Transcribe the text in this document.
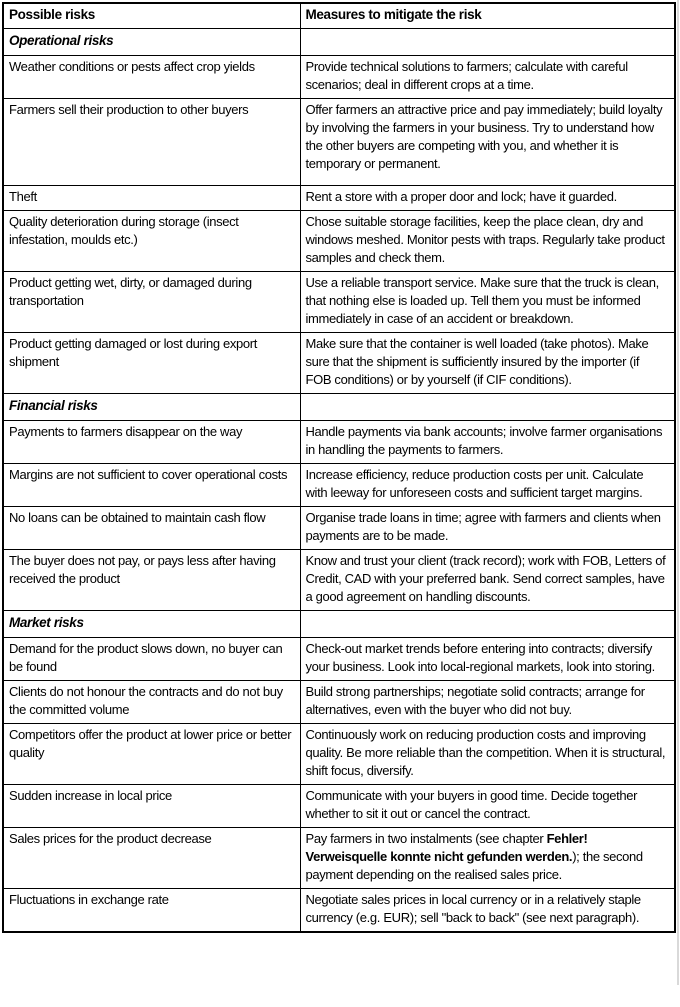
Possible risks	Measures to mitigate the risk
Operational risks	
Weather conditions or pests affect crop yields	Provide technical solutions to farmers; calculate with careful scenarios; deal in different crops at a time.
Farmers sell their production to other buyers	Offer farmers an attractive price and pay immediately; build loyalty by involving the farmers in your business. Try to understand how the other buyers are competing with you, and whether it is temporary or permanent.
Theft	Rent a store with a proper door and lock; have it guarded.
Quality deterioration during storage (insect infestation, moulds etc.)	Chose suitable storage facilities, keep the place clean, dry and windows meshed. Monitor pests with traps. Regularly take product samples and check them.
Product getting wet, dirty, or damaged during transportation	Use a reliable transport service. Make sure that the truck is clean, that nothing else is loaded up. Tell them you must be informed immediately in case of an accident or breakdown.
Product getting damaged or lost during export shipment	Make sure that the container is well loaded (take photos). Make sure that the shipment is sufficiently insured by the importer (if FOB conditions) or by yourself (if CIF conditions).
Financial risks	
Payments to farmers disappear on the way	Handle payments via bank accounts; involve farmer organisations in handling the payments to farmers.
Margins are not sufficient to cover operational costs	Increase efficiency, reduce production costs per unit. Calculate with leeway for unforeseen costs and sufficient target margins.
No loans can be obtained to maintain cash flow	Organise trade loans in time; agree with farmers and clients when payments are to be made.
The buyer does not pay, or pays less after having received the product	Know and trust your client (track record); work with FOB, Letters of Credit, CAD with your preferred bank. Send correct samples, have a good agreement on handling discounts.
Market risks	
Demand for the product slows down, no buyer can be found	Check-out market trends before entering into contracts; diversify your business. Look into local-regional markets, look into storing.
Clients do not honour the contracts and do not buy the committed volume	Build strong partnerships; negotiate solid contracts; arrange for alternatives, even with the buyer who did not buy.
Competitors offer the product at lower price or better quality	Continuously work on reducing production costs and improving quality. Be more reliable than the competition. When it is structural, shift focus, diversify.
Sudden increase in local price	Communicate with your buyers in good time. Decide together whether to sit it out or cancel the contract.
Sales prices for the product decrease	Pay farmers in two instalments (see chapter Fehler! Verweisquelle konnte nicht gefunden werden.); the second payment depending on the realised sales price.
Fluctuations in exchange rate	Negotiate sales prices in local currency or in a relatively staple currency (e.g. EUR); sell "back to back" (see next paragraph).
